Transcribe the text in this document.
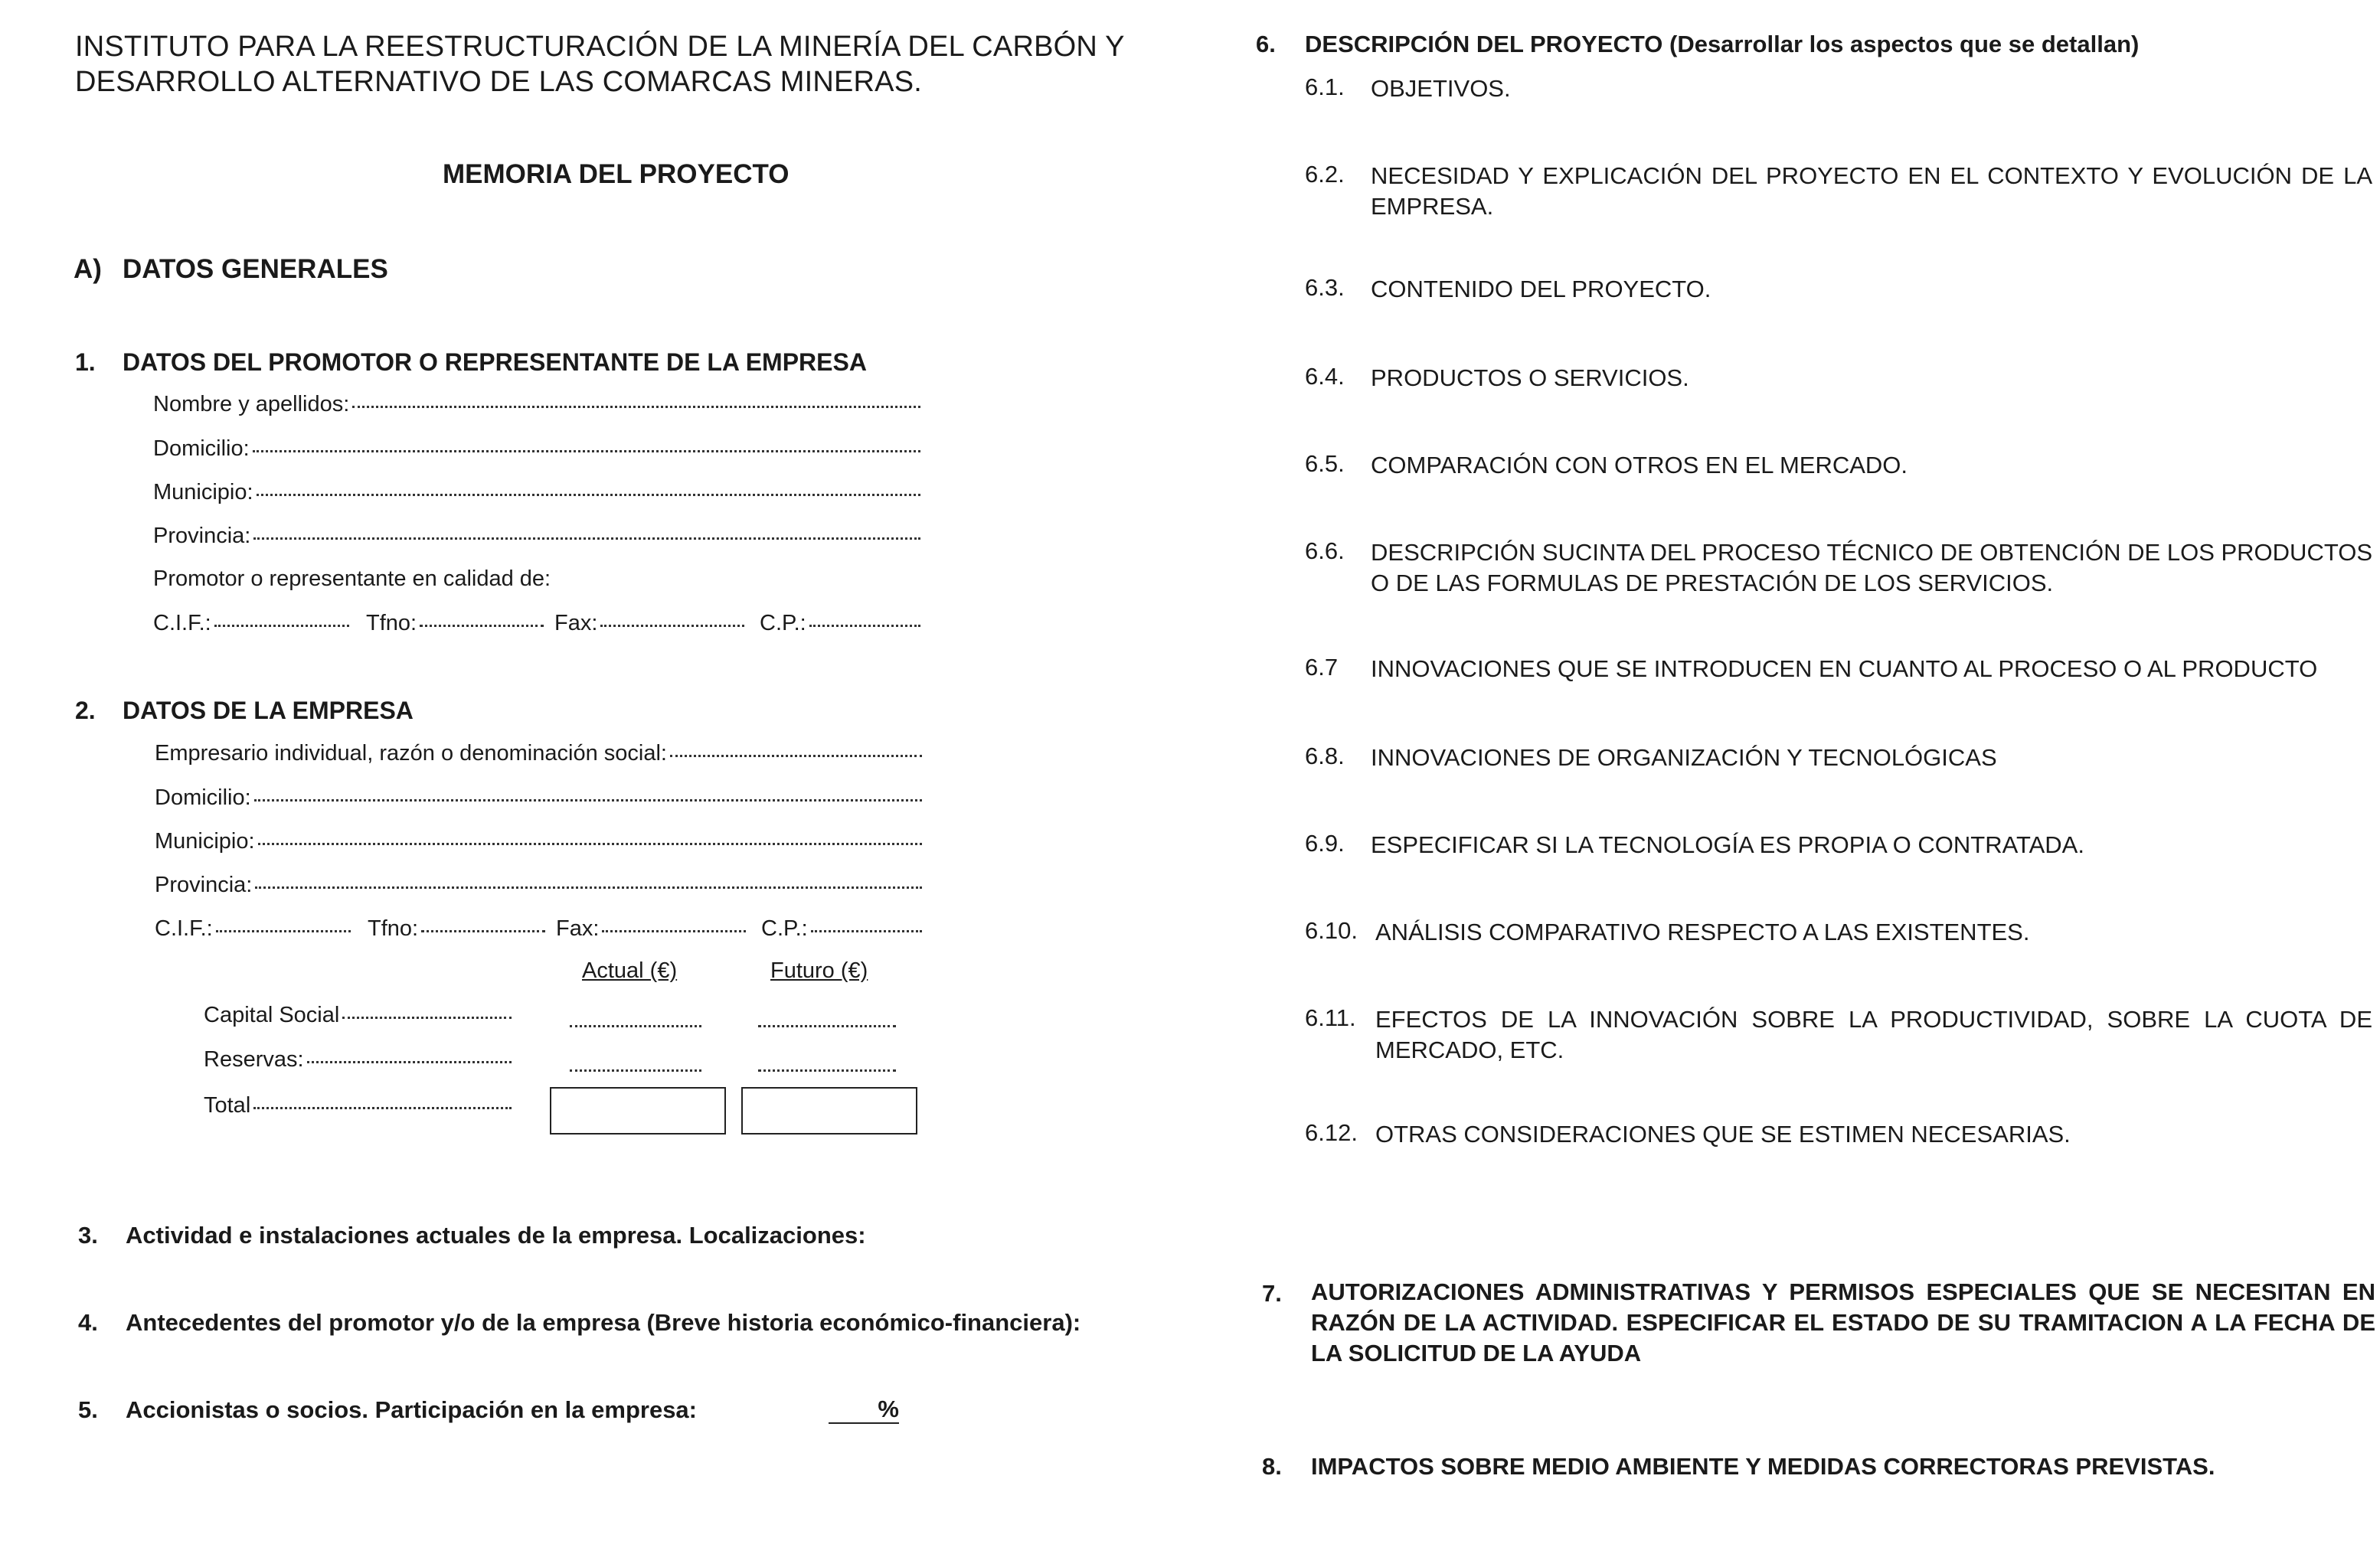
INSTITUTO PARA LA REESTRUCTURACIÓN DE LA MINERÍA DEL CARBÓN Y DESARROLLO ALTERNATIVO DE LAS COMARCAS MINERAS.
MEMORIA DEL PROYECTO
A) DATOS GENERALES
1. DATOS DEL PROMOTOR O REPRESENTANTE DE LA EMPRESA
Nombre y apellidos:
Domicilio:
Municipio:
Provincia:
Promotor o representante en calidad de:
C.I.F.:	Tfno:	Fax:	C.P.:
2. DATOS DE LA EMPRESA
Empresario individual, razón o denominación social:
Domicilio:
Municipio:
Provincia:
C.I.F.:	Tfno:	Fax:	C.P.:
Actual (€)	Futuro (€)
Capital Social
Reservas:
Total
3. Actividad e instalaciones actuales de la empresa. Localizaciones:
4. Antecedentes del promotor y/o de la empresa (Breve historia económico-financiera):
5. Accionistas o socios. Participación en la empresa:	%
6. DESCRIPCIÓN DEL PROYECTO (Desarrollar los aspectos que se detallan)
6.1. OBJETIVOS.
6.2. NECESIDAD Y EXPLICACIÓN DEL PROYECTO EN EL CONTEXTO Y EVOLUCIÓN DE LA EMPRESA.
6.3. CONTENIDO DEL PROYECTO.
6.4. PRODUCTOS O SERVICIOS.
6.5. COMPARACIÓN CON OTROS EN EL MERCADO.
6.6. DESCRIPCIÓN SUCINTA DEL PROCESO TÉCNICO DE OBTENCIÓN DE LOS PRODUCTOS O DE LAS FORMULAS DE PRESTACIÓN DE LOS SERVICIOS.
6.7 INNOVACIONES QUE SE INTRODUCEN EN CUANTO AL PROCESO O AL PRODUCTO
6.8. INNOVACIONES DE ORGANIZACIÓN Y TECNOLÓGICAS
6.9. ESPECIFICAR SI LA TECNOLOGÍA ES PROPIA O CONTRATADA.
6.10. ANÁLISIS COMPARATIVO RESPECTO A LAS EXISTENTES.
6.11. EFECTOS DE LA INNOVACIÓN SOBRE LA PRODUCTIVIDAD, SOBRE LA CUOTA DE MERCADO, ETC.
6.12. OTRAS CONSIDERACIONES QUE SE ESTIMEN NECESARIAS.
7. AUTORIZACIONES ADMINISTRATIVAS Y PERMISOS ESPECIALES QUE SE NECESITAN EN RAZÓN DE LA ACTIVIDAD. ESPECIFICAR EL ESTADO DE SU TRAMITACION A LA FECHA DE LA SOLICITUD DE LA AYUDA
8. IMPACTOS SOBRE MEDIO AMBIENTE Y MEDIDAS CORRECTORAS PREVISTAS.
